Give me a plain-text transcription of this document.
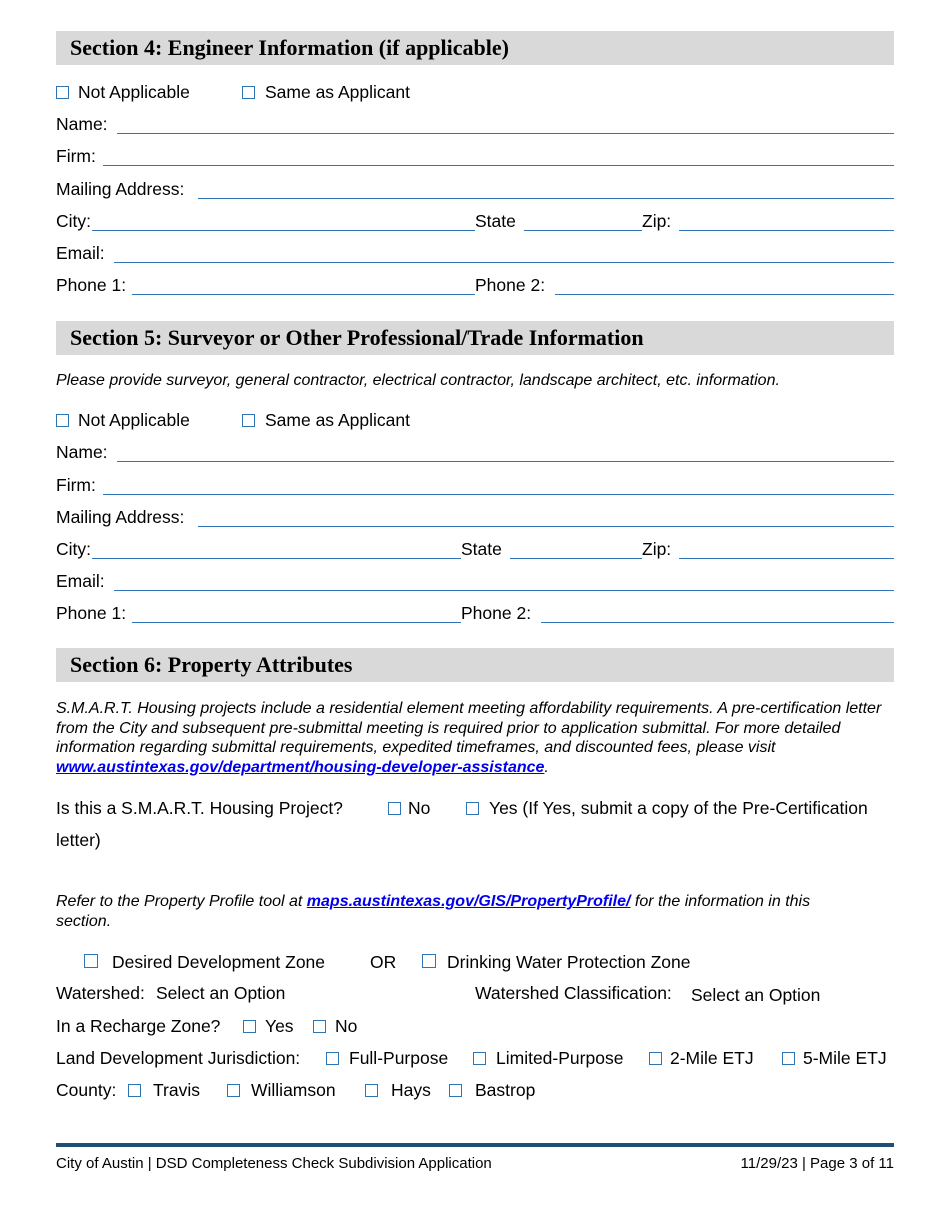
Section 4: Engineer Information (if applicable)
Not Applicable	Same as Applicant
Name:
Firm:
Mailing Address:
City:	State	Zip:
Email:
Phone 1:	Phone 2:
Section 5: Surveyor or Other Professional/Trade Information
Please provide surveyor, general contractor, electrical contractor, landscape architect, etc. information.
Not Applicable	Same as Applicant
Name:
Firm:
Mailing Address:
City:	State	Zip:
Email:
Phone 1:	Phone 2:
Section 6: Property Attributes
S.M.A.R.T. Housing projects include a residential element meeting affordability requirements. A pre-certification letter from the City and subsequent pre-submittal meeting is required prior to application submittal. For more detailed information regarding submittal requirements, expedited timeframes, and discounted fees, please visit www.austintexas.gov/department/housing-developer-assistance.
Is this a S.M.A.R.T. Housing Project?	No	Yes (If Yes, submit a copy of the Pre-Certification
letter)
Refer to the Property Profile tool at maps.austintexas.gov/GIS/PropertyProfile/ for the information in this
section.
Desired Development Zone	OR	Drinking Water Protection Zone
Watershed: Select an Option	Watershed Classification: Select an Option
In a Recharge Zone?	Yes No
Land Development Jurisdiction:	Full-Purpose	Limited-Purpose	2-Mile ETJ	5-Mile ETJ
County: Travis	Williamson	Hays	Bastrop
City of Austin | DSD Completeness Check Subdivision Application	11/29/23 | Page 3 of 11
